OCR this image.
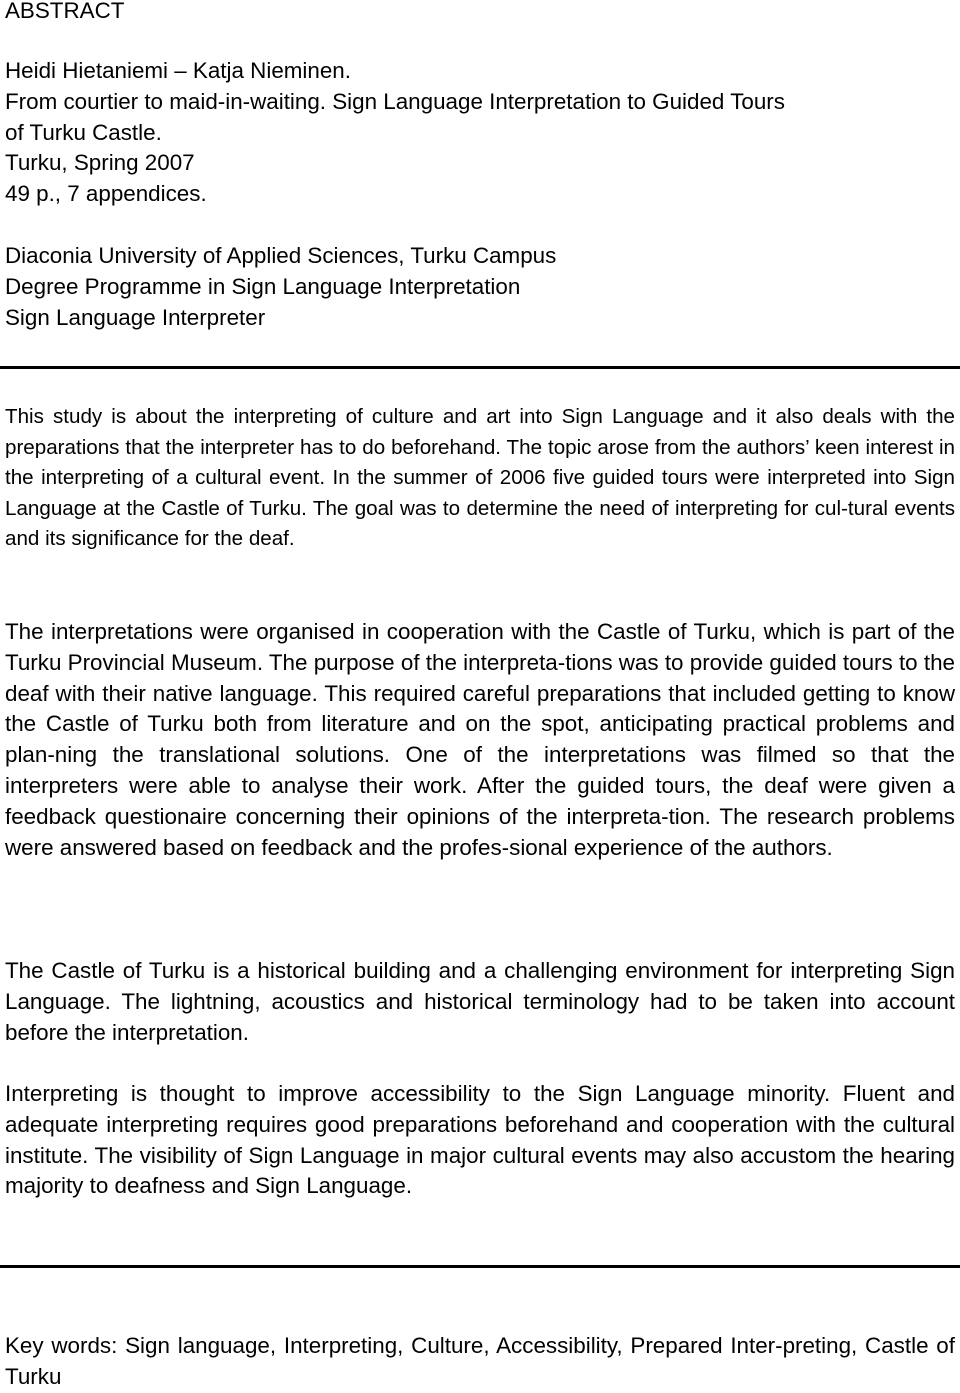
ABSTRACT
Heidi Hietaniemi – Katja Nieminen.
From courtier to maid-in-waiting. Sign Language Interpretation to Guided Tours
of Turku Castle.
Turku, Spring 2007
49 p., 7 appendices.
Diaconia University of Applied Sciences, Turku Campus
Degree Programme in Sign Language Interpretation
Sign Language Interpreter

This study is about the interpreting of culture and art into Sign Language and it also deals with the preparations that the interpreter has to do beforehand. The topic arose from the authors’ keen interest in the interpreting of a cultural event. In the summer of 2006 five guided tours were interpreted into Sign Language at the Castle of Turku. The goal was to determine the need of interpreting for cul-tural events and its significance for the deaf.

The interpretations were organised in cooperation with the Castle of Turku, which is part of the Turku Provincial Museum. The purpose of the interpreta-tions was to provide guided tours to the deaf with their native language. This required careful preparations that included getting to know the Castle of Turku both from literature and on the spot, anticipating practical problems and plan-ning the translational solutions. One of the interpretations was filmed so that the interpreters were able to analyse their work. After the guided tours, the deaf were given a feedback questionaire concerning their opinions of the interpreta-tion. The research problems were answered based on feedback and the profes-sional experience of the authors.

The Castle of Turku is a historical building and a challenging environment for interpreting Sign Language. The lightning, acoustics and historical terminology had to be taken into account before the interpretation.

Interpreting is thought to improve accessibility to the Sign Language minority. Fluent and adequate interpreting requires good preparations beforehand and cooperation with the cultural institute. The visibility of Sign Language in major cultural events may also accustom the hearing majority to deafness and Sign Language.

Key words: Sign language, Interpreting, Culture, Accessibility, Prepared Inter-preting, Castle of Turku
